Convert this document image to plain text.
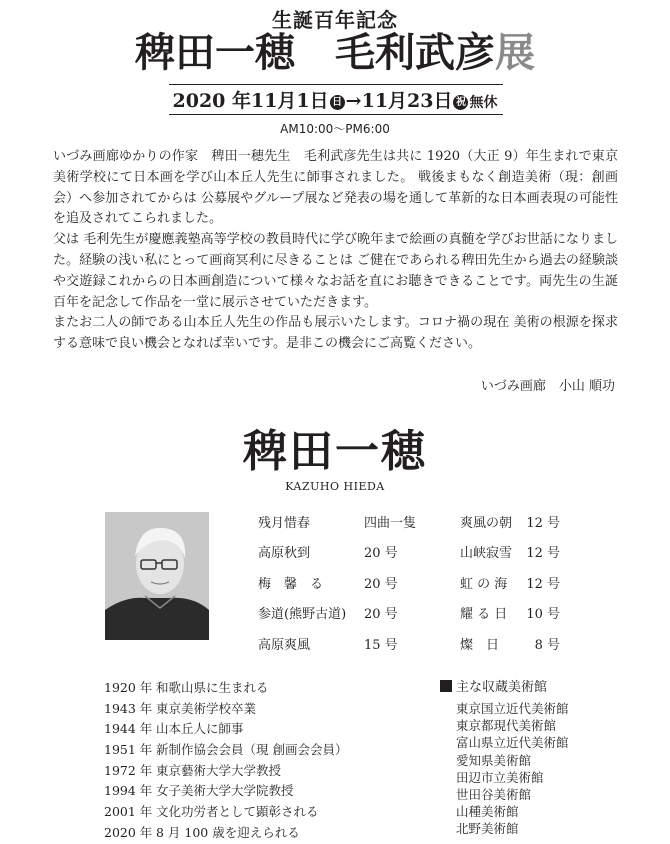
生誕百年記念
稗田一穂　毛利武彦展
2020 年11月1日 日 →11月23日 祝 無休
AM10:00〜PM6:00

いづみ画廊ゆかりの作家　稗田一穂先生　毛利武彦先生は共に 1920（大正 9）年生まれで東京美術学校にて日本画を学び山本丘人先生に師事されました。 戦後まもなく創造美術（現：創画会）へ参加されてからは 公募展やグループ展など発表の場を通して革新的な日本画表現の可能性を追及されてこられました。

父は 毛利先生が慶應義塾高等学校の教員時代に学び晩年まで絵画の真髄を学びお世話になりました。経験の浅い私にとって画商冥利に尽きることは ご健在であられる稗田先生から過去の経験談や交遊録これからの日本画創造について様々なお話を直にお聴きできることです。両先生の生誕百年を記念して作品を一堂に展示させていただきます。

またお二人の師である山本丘人先生の作品も展示いたします。コロナ禍の現在 美術の根源を探求する意味で良い機会となれば幸いです。是非この機会にご高覧ください。

いづみ画廊　小山 順功
稗田一穂
KAZUHO HIEDA
残月惜春
高原秋到
梅　馨　る
参道(熊野古道)
高原爽風
四曲一隻
20 号
20 号
20 号
15 号
爽風の朝
山峡寂雪
虹 の 海
耀 る 日
燦　日
12 号
12 号
12 号
10 号
8 号
1920 年 和歌山県に生まれる
1943 年 東京美術学校卒業
1944 年 山本丘人に師事
1951 年 新制作協会会員（現 創画会会員）
1972 年 東京藝術大学大学教授
1994 年 女子美術大学大学院教授
2001 年 文化功労者として顕彰される
2020 年 8 月 100 歳を迎えられる
主な収蔵美術館
東京国立近代美術館
東京都現代美術館
富山県立近代美術館
愛知県美術館
田辺市立美術館
世田谷美術館
山種美術館
北野美術館
